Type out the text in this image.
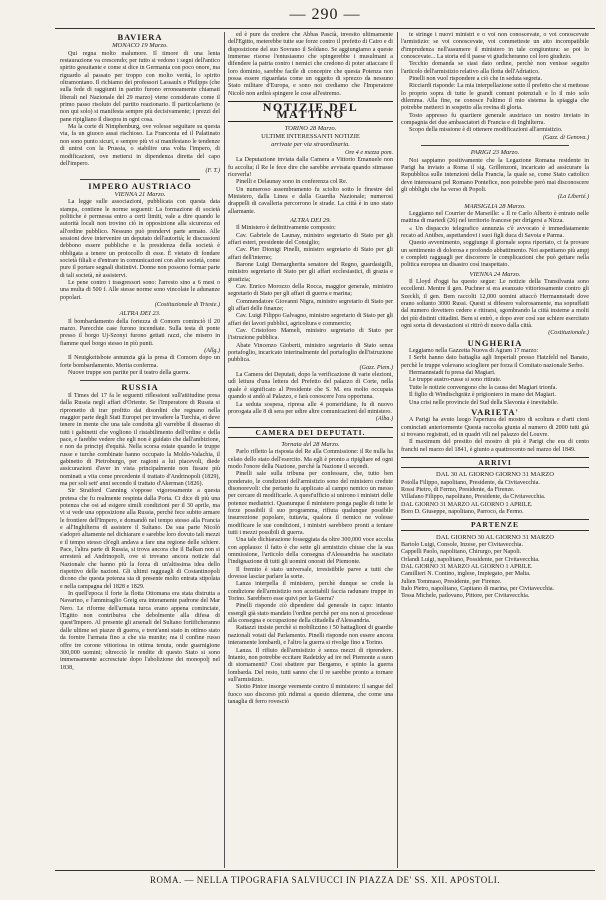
— 290 —
BAVIERA
MONACO 19 Marzo.

Qui regna molto malumore. Il timore di una lenta restaurazione va crescendo; per tutto si vedono i segni dell'antico spirito gesuitante e come si dice in Germania con poco onore, ma riguardo al passato per troppo con molto verità, lo spirito oltramontano. Il richiamo dei professori Lassaulx e Philipps (che sulla fede di raggiunti in partito furono erroneamente chiamati liberali nel Nazionale del 29 marzo) viene considerato come il primo passo risoluto del partito reazionario. Il particolarismo (e non qui solo) si manifesta sempre più decisivamente; i prezzi del pane ripigliano il disopra in ogni cosa.

Ma la corte di Nimphenburg, ove volesse seguitare su questa via, fa un giuoco assai rischioso. La Franconia ed il Palatinato non sono punto sicuri, e sempre più vi si manifestano le tendenze di unirsi con la Prussia, o stabilire una volta l'impero, di modificazioni, ove mettersi in dipendenza diretta del capo dell'impero.

(F. T.)
IMPERO AUSTRIACO
VIENNA 21 Marzo.

La legge sulle associazioni, pubblicata con questa data stampa, contiene le norme seguenti: La formazione di società politiche è permessa entro a certi limiti, vale a dire quando le autorità locali non trovino ciò in opposizione alla sicurezza ed all'ordine pubblico. Nessuno può prendervi parte armato. Alle sessioni deve intervenire un deputato dell'autorità; le discussioni debbono essere pubbliche e la presidenza della società è obbligata a tenere un protocollo di esse. È vietato di fondare società filiali e d'entrare in comunicazioni con altre società, come pure il portare segnali distintivi. Donne non possono formar parte di tali società, nè assistervi.

Le pene contro i trasgressori sono: l'arresto sino a 6 mesi o una multa di 500 f. Alle stesse norme sono vincolate le adunanze popolari.

(Costituzionale di Trieste.)
ALTRA DEI 23.

Il bombardamento della fortezza di Comorn cominciò il 20 marzo. Parecchie case furono incendiate. Sulla testa di ponte presso il borgo Uj-Szonyi furono gettati razzi, che misero in fiamme quel borgo stesso in più punti.

(Allg.)

Il Neuigkeitsbote annunzia già la presa di Comorn dopo un forte bombardamento. Merita conferma.

Nuove truppe son partite per il teatro della guerra.

RUSSIA

Il Times del 17 fa le seguenti riflessioni sull'attitudine presa dalla Russia negli affari d'Oriente. Se l'Imperatore di Russia si riprometto di trar profitto dai disordini che regnano nella maggior parte degli Stati Europei per invadere la Turchia, ei deve tenere in mente che una tale condotta gli varrebbe il dissenso di tutti i gabinetti che vogliono il ristabilimento dell'ordine e della pace, e farebbe vedere che egli non è guidato che dall'ambizione, e non da principj d'equità. Nella scorsa estate quando le truppe russe e turche combinate hanno occupato la Moldo-Valachia, il gabinetto di Pietroburgo, per ragioni a lui piacevoli, diede assicurazioni d'aver in vista principalmente non fissare più nominati a vita come precedente il trattato d'Andrinopoli (1829), ma per soli sett' anni secondo il trattato d'Akerman (1826).

Sir Stratford Canning s'oppose vigorosamente a questa pretesa che fu realmente respinta dalla Porta. Ci dice di più una potenza che osi ad esigere simili condizioni per il 30 aprile, ma vi si vede una opposizione alla Russia, perchè fece subito armare le frontiere dell'Impero, e domandò nel tempo stesso alla Francia e all'Inghilterra di assistere il Sultano. Da sua parte Nicolò s'adoprò altamente nel dichiarare e sarebbe loro dovuto tali mezzi e il tempo stesso ch'egli andava a fare una regione delle schiere. Pace, l'altra parte di Russia, si trova ancora che il Balkan non si arresterà ad Andrinopoli, ove si trovano ancora notizie dal Nazionale che hanno più la forza di un'altissima idea dello rispettivo delle nazioni. Gli ultimi ragguagli di Costantinopoli dicono che questa potenza sia di presente molto entrata stipolata e nella campagna del 1828 e 1829.

In quell'epoca il forte la flotta Ottomana era stata distrutta a Navarino, e l'ammiraglio Greig era interamente padrone del Mar Nero. Le riforme dell'armata turca erano appena cominciate, l'Egitto non contribuiva che debolmente alla difesa di quest'Impero. Al presente gli arsenali del Sultano fortificheranno dalle ultime sei piazze di guerra, e trent'anni stato in ottimo stato da fornire l'armata fino a che sia munite; ma il confine russo offre tre corone vittoriosa in ottima tenuta, onde guarnigione 300,000 uomini; oltrecciò le rendite di questo Stato si sono immensamente accresciute dopo l'abolizione dei monopolj nel 1838,

ed è pure da credere che Abbas Pascià, invesito ultimamente dell'Egitto, meterebbe tutte sue forze contro il prefetto di Cairo e di disposizione del suo Sovrano il Soldano. Se aggiungiamo a queste immense risorse l'entusiasmo che spingerebbe i musulmani a difendere la patria contro i nemici che credono di poter attaccare il loro dominio, sarebbe facile di concepire che questa Potenza non possa essere riguardata come un oggetto di sprezzo da nessuno Stato militare d'Europa, e sono noi crediamo che l'Imperatore Nicolò non ardirà spingere le cose all'estremo.

NOTIZIE DEL MATTINO
TORINO 28 Marzo.
ULTIME INTERESSANTI NOTIZIE
arrivate per via straordinaria.
Ore 4 e mezza pom.

La Deputazione inviata dalla Camera a Vittorio Emanuele non fu accolta; il Re le fece dire che sarebbe avvisata quando stimasse riceverla!

Pinelli e Delaunay sono in conferenza col Re.

Un numeroso assembramento fu sciolto sotto le finestre del Ministero, dalla Linea e dalla Guardia Nazionale; numerosi drappelli di cavalleria percorrono le strade. La città è in uno stato allarmante.

ALTRA DEI 29.

Il Ministero è definitivamente composto:

Cav. Gabriele de Launay, ministro segretario di Stato per gli affari esteri, presidente del Consiglio;

Cav. Pier Dionigi Pinelli, ministro segretario di Stato per gli affari dell'interno;

Barone Luigi Demargherita senatore del Regno, guardasigilli, ministro segretario di Stato per gli affari ecclesiastici, di grazia e giustizia;

Cav. Enrico Morozzo della Rocca, maggior generale, ministro segretario di Stato per gli affari di guerra e marina;

Commendatore Giovanni Nigra, ministro segretario di Stato per gli affari delle finanze;

Cav. Luigi Filippo Galvagno, ministro segretario di Stato per gli affari dei lavori pubblici, agricoltura e commercio;

Cav. Cristoforo Mameli, ministro segretario di Stato per l'istruzione pubblica.

Abate Vincenzo Gioberti, ministro segretario di Stato senza portafoglio, incaricato interinalmente del portafoglio dell'istruzione pubblica.

(Gazz. Piem.)

La Camera dei Deputati, dopo la verificazione di varie elezioni, udì lettura d'una lettera del Prefetto del palazzo di Corte, nella quale è significato al Presidente che S. M. era molto occupata quando si andò al Palazzo, e farà conoscere l'ora opportuna.

La seduta sospesa, ripresa alle 4 pomeridiane, fu di nuovo prorogata alle 8 di sera per udire altre comunicazioni del ministero.

(Alba.)
CAMERA DEI DEPUTATI.
Tornata del 28 Marzo.

Parlo rifletto la risposta del Re alla Commissione: il Re nulla ha celato dello stato dell'esercito. Ma egli è pronto a ripigliare ed ogni modo l'onore della Nazione, perchè la Nazione il secondi.

Pinelli sale sulla tribuna per confessare, che, tutto ben ponderato, le condizioni dell'armistizio sono del ministero credute disonorevoli: che pertanto fu applicato al campo nemico un messo per cercare di modificarle. A quest'ufficio si unirono i ministri delle potenze mediatrici. Quanunque il ministero ponga paglie di tutte le forze possibili il suo programma, rifiuta qualunque possibile insurrezione popolare, tuttavia, qualora il nemico ne volesse modificare le sue condizioni, i ministri sarebbero pronti a tentare tutti i mezzi possibili di guerra.

Una tale dichiarazione fosseggiata da oltre 300,000 voce accolta con applauso: il fatto è che sette gli armistizio chiuse che la sua ommissione, l'articolo della consegna d'Alessandria ha suscitato l'indignazione di tutti gli uomini onorati del Piemonte.

Il fremito è stato universale, irresistibile parve a tutti che dovesse lasciar parlare la sorte.

Lanza interpella il ministero, perchè dunque se crede la condizione dell'armistizio non accettabili faccia radunare truppe in Torino. Sarebbero esse quivi per la Guerra?

Pinelli risponde ciò dipendere dal generale in capo: intanto essergli già stato mandato l'ordine perchè per ora non si procedesse alla consegna e occupazione della cittadella d'Alessandria.

Rattazzi insiste perchè si mobilizzino i 50 battaglioni di guardie nazionali votati dal Parlamento. Pinelli risponde non essere ancora interamente lombardi, e l'altro la guerra si rivolge fino a Torino.

Lanza. Il rifiuto dell'armistizio è senza mezzi di riprendere. Intanto, non potrebbe eccitare Radetzky ad ire nel Piemonte a suon di stornamenti? Cosi sbattere pur Bergamo, e spinto la guerra lombarda. Del resto, tutti sanno che il re sarebbe pronto a tornare sull'armistizio.

Siotto Pintor insorge veemente contro il ministero: il sangue del fuoco suo discorso più ridimsi a questo dilemma, che come una tanaglia di ferro rovesciò

te stringe i nuovi ministri e o voi non conoscevate, o voi conoscevate l'armistizio: se voi conoscevate, voi commetteste un atto incompatibile d'imprudenza nell'assumere il ministero in tale congiuntura: se poi lo conoscevate... La storia ed il paese vi giudicheranno col loro giudizio.

Tecchio domanda se siasi dato ordine, perchè non venisse seguito l'articolo dell'armistizio relativo alla flotta dell'Adriatico.

Pinelli non vuol rispondere a ciò che in seduta segreta.

Ricciardi risponde: La mia interpellazione sotto il prefetto che si mettesse lo proprio sopra di tutte le grandi comuni potenziali e lo il mio solo dilemma. Alla fine, ne conosce l'ultimo il mio sistema la spiaggia che potrebbe metterci in sospetto alla rovina di gloria.

Tosto appresso fu quartiere generale austriaco un nostro inviato in compagnia dei due ambasciatori di Francia e di Inghilterra.

Scopo della missione è di ottenere modificazioni all'armistizio.

(Gazz. di Genova.)
PARIGI 23 Marzo.

Noi sappiamo positivamente che la Legazione Romana residente in Parigi ha inviato a Roma il sig. Grillenzoni, incaricato ad assicurare la Repubblica sulle intenzioni della Francia, la quale se, come Stato cattolico deve interessarsi pel Romano Pontefice, non potrebbe però mai disconoscere gli obblighi che ha verso di Popoli.

(La Liberté.)
MARSIGLIA 28 Marzo.

Leggiamo nel Courrier de Marseille: « Il re Carlo Alberto è entrato nelle mattina di martedì (26) nel territorio francese per dirigersi a Nizza.

« Un dispaccio telegrafico annunzia c'è avvocato è immediatamente recato ad Antibes, aspettandovi i suoi figli duca di Savoia e Parma.

Questo avvenimento, soggiunge il giornale sopra riportato, ci fa provare un sentimento di dolorosa e profondo abbattimento. Noi aspettiamo più ampj e completi ragguagli per discorrere le complicazioni che può gettare nella politica europea un disastro così inaspettato.

VIENNA 24 Marzo.

Il Lloyd d'oggi ha questo segue: Le notizie della Transilvania sono eccellenti. Mentre il gen. Puchner si era avanzato vittoriosamente contro gli Szeckli, il gen. Bem raccolti 12,000 uomini attaccò Hermannstadt dove erano soltanto 3000 Russi. Questi si difesero valorosamente, ma sopraffatti dal numero dovettero cedere e ritirarsi, sgombrando la città insieme a molti dei più distinti cittadini. Bem si entrò, e dopo aver così sue schiere esercitato ogni sorta di devastazioni si ritirò di nuovo dalla città.

(Costituzionale.)
UNGHERIA

Leggiamo nella Gazzetta Nuova di Agram 17 marzo:

I Serbi hanno dato battaglia agli Imperiali presso Hatzfeld nel Banato, perchè le truppe volevano sciogliere per forza il Comitato nazionale Serbo.

Hermannstadt fu presa dai Magiari.

Le truppe austro-russe si sono ritirate.

Tutte le notizie convengono che la causa dei Magiari trionfa.

Il figlio di Windischgrätz è prigioniero in mano dei Magiari.

Una crisi nelle provincie del Sud della Slavonia è inevitabile.

VARIETA'

A Parigi ha avuto luogo l'apertura del mostro di scoltura e d'arti cioni cominciati anteriormente Questa raccolta giunta al numero di 2000 tutti già si trovano registrati, ed in quadri vili nel palazzo del Louvre.

Il maximum del prestito del mostro di più è Parigi che era di cento franchi nel marzo del 1841, è giunto a quattrocento nel marzo del 1849.

ARRIVI
DAL 30 AL GIORNO GIORNO 31 MARZO

Potolla Filippo, napolitano, Presidente, da Civitavecchia.

Rossi Pietro, di Fermo, Presidente, da Firenze.

Villafano Filippo, napolitano, Presidente, da Civitavecchia.

DAL GIORNO 31 MARZO AL GIORNO 1 APRILE.

Boro D. Giuseppe, napolitano, Parroco, da Fermo.

PARTENZE
DAL GIORNO 30 AL GIORNO 31 MARZO

Bartolo Luigi, Console, Inzese, per Civitavecchia.

Cappelli Paolo, napolitano, Chirurgo, per Napoli.

Orlandi Luigi, napolitano, Possidente, per Civitavecchia.

DAL GIORNO 31 MARZO AL GIORNO 1 APRILE.

Camillieri N. Contino, inglese, Impiegato, per Malta.

Julien Tommaso, Presidente, per Firenze.

Italo Pietro, napolitano, Capitano di marina, per Civitavecchia.

Tessa Michele, padovano, Pittore, per Civitavecchia.

ROMA. — NELLA TIPOGRAFIA SALVIUCCI IN PIAZZA DE' SS. XII. APOSTOLI.
